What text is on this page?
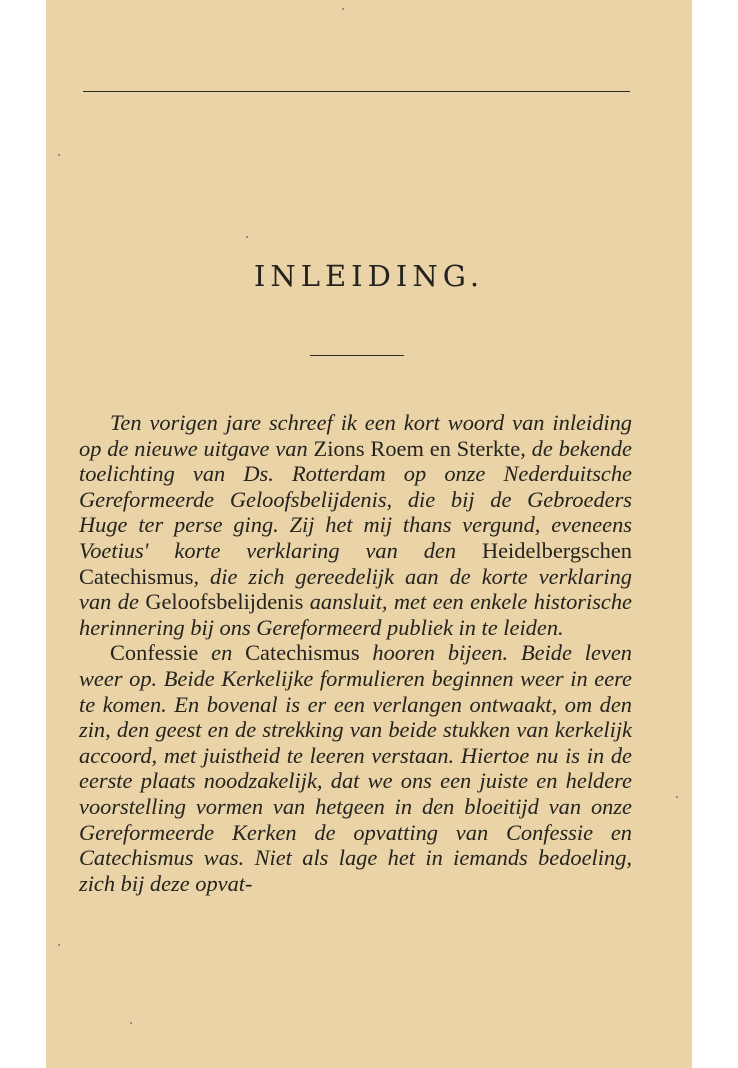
INLEIDING.

Ten vorigen jare schreef ik een kort woord van inleiding op de nieuwe uitgave van Zions Roem en Sterkte, de bekende toelichting van Ds. Rotterdam op onze Nederduitsche Gereformeerde Geloofsbelijdenis, die bij de Gebroeders Huge ter perse ging. Zij het mij thans vergund, eveneens Voetius' korte verklaring van den Heidelbergschen Catechismus, die zich gereedelijk aan de korte verklaring van de Geloofsbelijdenis aansluit, met een enkele historische herinnering bij ons Gereformeerd publiek in te leiden.

Confessie en Catechismus hooren bijeen. Beide leven weer op. Beide Kerkelijke formulieren beginnen weer in eere te komen. En bovenal is er een verlangen ontwaakt, om den zin, den geest en de strekking van beide stukken van kerkelijk accoord, met juistheid te leeren verstaan. Hiertoe nu is in de eerste plaats noodzakelijk, dat we ons een juiste en heldere voorstelling vormen van hetgeen in den bloeitijd van onze Gereformeerde Kerken de opvatting van Confessie en Catechismus was. Niet als lage het in iemands bedoeling, zich bij deze opvat-
